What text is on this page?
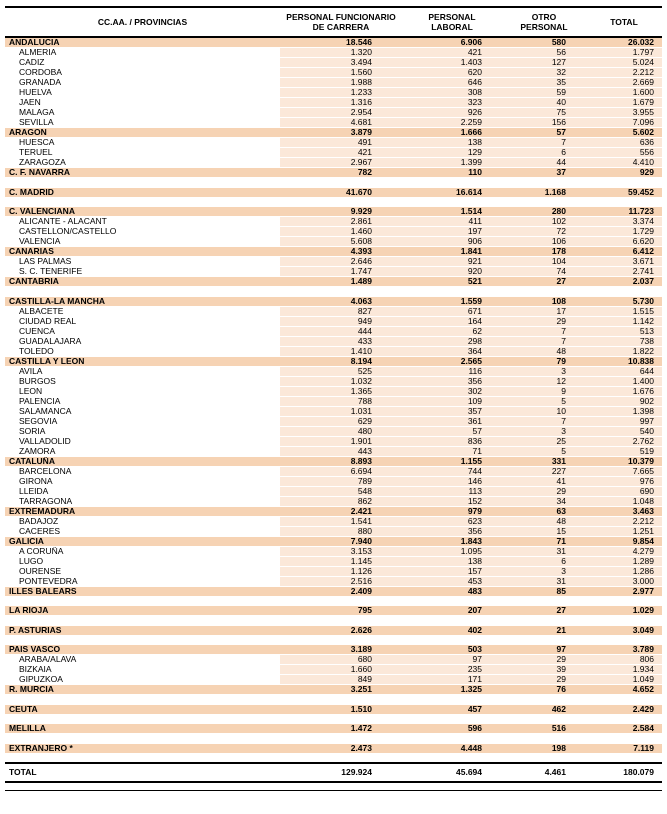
CC.AA. / PROVINCIAS	PERSONAL FUNCIONARIO DE CARRERA	PERSONAL LABORAL	OTRO PERSONAL	TOTAL
ANDALUCIA	18.546	6.906	580	26.032
ALMERIA	1.320	421	56	1.797
CADIZ	3.494	1.403	127	5.024
CORDOBA	1.560	620	32	2.212
GRANADA	1.988	646	35	2.669
HUELVA	1.233	308	59	1.600
JAEN	1.316	323	40	1.679
MALAGA	2.954	926	75	3.955
SEVILLA	4.681	2.259	156	7.096
ARAGON	3.879	1.666	57	5.602
HUESCA	491	138	7	636
TERUEL	421	129	6	556
ZARAGOZA	2.967	1.399	44	4.410
C. F. NAVARRA	782	110	37	929

C. MADRID	41.670	16.614	1.168	59.452

C. VALENCIANA	9.929	1.514	280	11.723
ALICANTE - ALACANT	2.861	411	102	3.374
CASTELLON/CASTELLO	1.460	197	72	1.729
VALENCIA	5.608	906	106	6.620
CANARIAS	4.393	1.841	178	6.412
LAS PALMAS	2.646	921	104	3.671
S. C. TENERIFE	1.747	920	74	2.741
CANTABRIA	1.489	521	27	2.037

CASTILLA-LA MANCHA	4.063	1.559	108	5.730
ALBACETE	827	671	17	1.515
CIUDAD REAL	949	164	29	1.142
CUENCA	444	62	7	513
GUADALAJARA	433	298	7	738
TOLEDO	1.410	364	48	1.822
CASTILLA Y LEON	8.194	2.565	79	10.838
AVILA	525	116	3	644
BURGOS	1.032	356	12	1.400
LEON	1.365	302	9	1.676
PALENCIA	788	109	5	902
SALAMANCA	1.031	357	10	1.398
SEGOVIA	629	361	7	997
SORIA	480	57	3	540
VALLADOLID	1.901	836	25	2.762
ZAMORA	443	71	5	519
CATALUÑA	8.893	1.155	331	10.379
BARCELONA	6.694	744	227	7.665
GIRONA	789	146	41	976
LLEIDA	548	113	29	690
TARRAGONA	862	152	34	1.048
EXTREMADURA	2.421	979	63	3.463
BADAJOZ	1.541	623	48	2.212
CACERES	880	356	15	1.251
GALICIA	7.940	1.843	71	9.854
A CORUÑA	3.153	1.095	31	4.279
LUGO	1.145	138	6	1.289
OURENSE	1.126	157	3	1.286
PONTEVEDRA	2.516	453	31	3.000
ILLES BALEARS	2.409	483	85	2.977

LA RIOJA	795	207	27	1.029

P. ASTURIAS	2.626	402	21	3.049

PAIS VASCO	3.189	503	97	3.789
ARABA/ALAVA	680	97	29	806
BIZKAIA	1.660	235	39	1.934
GIPUZKOA	849	171	29	1.049
R. MURCIA	3.251	1.325	76	4.652

CEUTA	1.510	457	462	2.429

MELILLA	1.472	596	516	2.584

EXTRANJERO *	2.473	4.448	198	7.119

TOTAL	129.924	45.694	4.461	180.079
